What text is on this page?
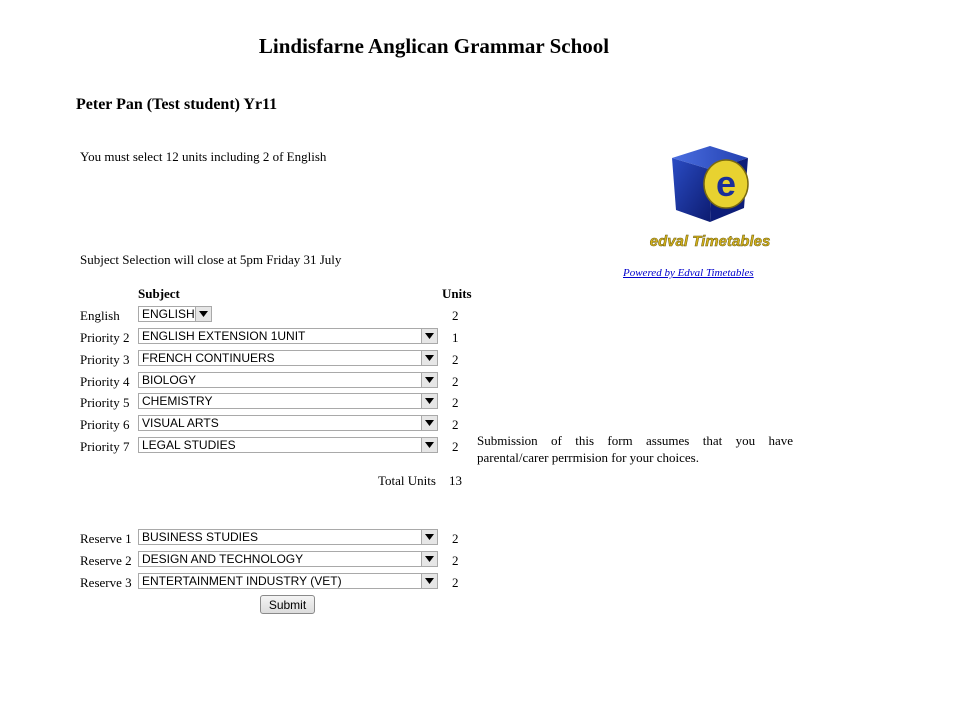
Lindisfarne Anglican Grammar School
Peter Pan (Test student) Yr11
You must select 12 units including 2 of English
Subject Selection will close at 5pm Friday 31 July
Subject	Units
English ENGLISH	2
Priority 2 ENGLISH EXTENSION 1UNIT	1
Priority 3 FRENCH CONTINUERS	2
Priority 4 BIOLOGY	2
Priority 5 CHEMISTRY	2
Priority 6 VISUAL ARTS	2
Priority 7 LEGAL STUDIES	2
Total Units 13
Reserve 1 BUSINESS STUDIES	2
Reserve 2 DESIGN AND TECHNOLOGY	2
Reserve 3 ENTERTAINMENT INDUSTRY (VET)	2
Submit
e
edval Timetables
Powered by Edval Timetables
Submission of this form assumes that you have parental/carer perrmision for your choices.
